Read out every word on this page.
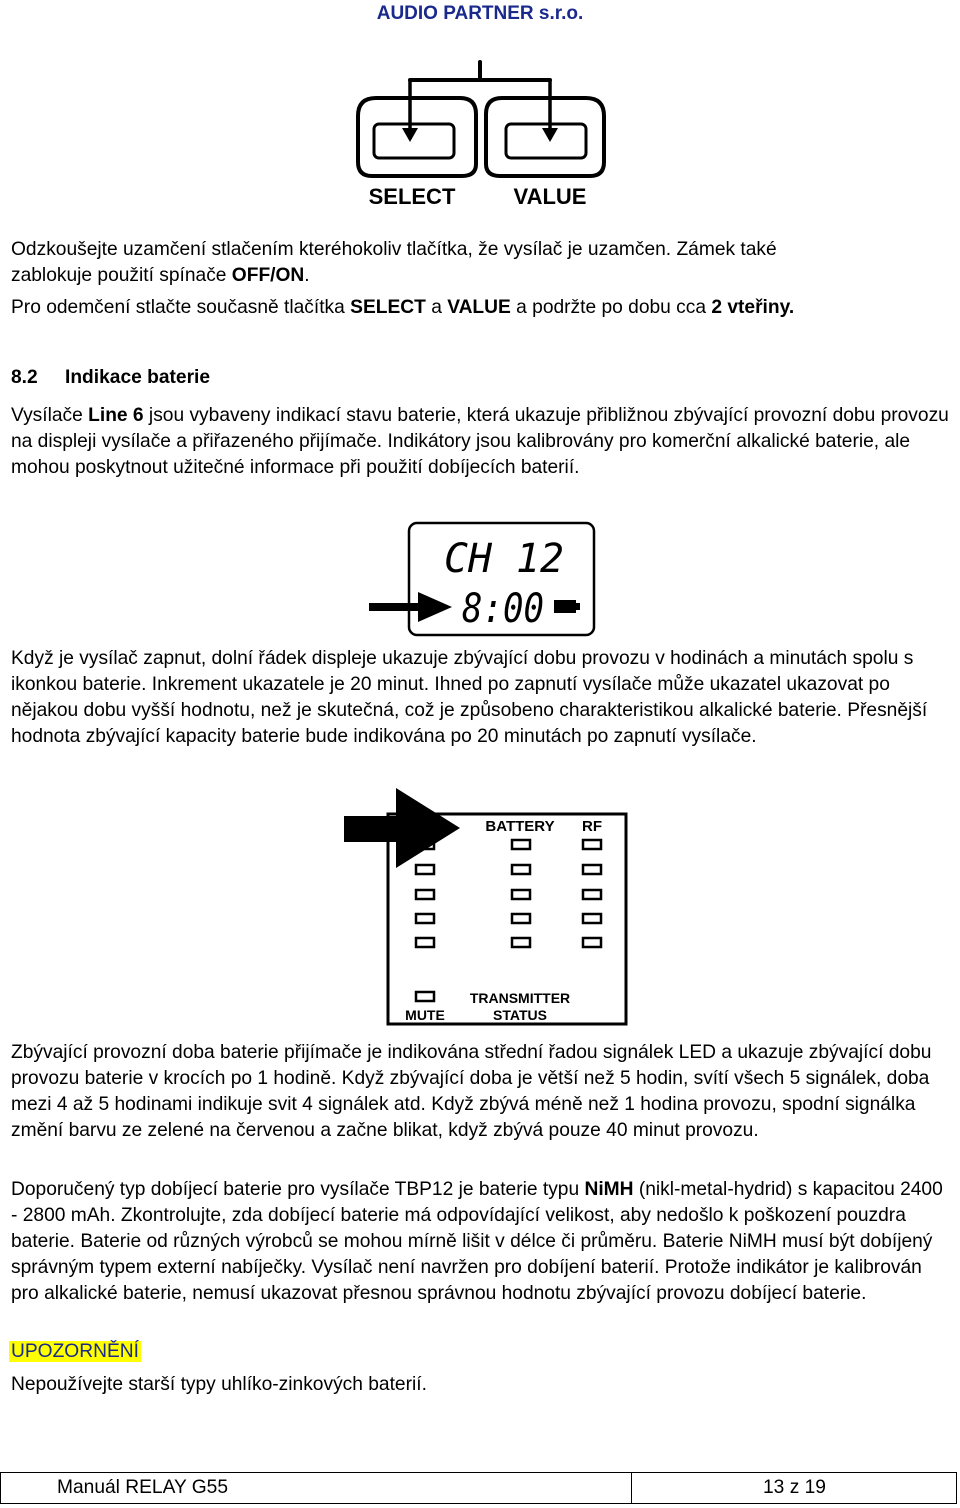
AUDIO PARTNER s.r.o.
SELECT	VALUE
Odzkoušejte uzamčení stlačením kteréhokoliv tlačítka, že vysílač je uzamčen. Zámek také
zablokuje použití spínače OFF/ON.
Pro odemčení stlačte současně tlačítka SELECT a VALUE a podržte po dobu cca 2 vteřiny.
8.2 Indikace baterie

Vysílače Line 6 jsou vybaveny indikací stavu baterie, která ukazuje přibližnou zbývající provozní dobu provozu na displeji vysílače a přiřazeného přijímače. Indikátory jsou kalibrovány pro komerční alkalické baterie, ale mohou poskytnout užitečné informace při použití dobíjecích baterií.

CH 12
8:00

Když je vysílač zapnut, dolní řádek displeje ukazuje zbývající dobu provozu v hodinách a minutách spolu s ikonkou baterie. Inkrement ukazatele je 20 minut. Ihned po zapnutí vysílače může ukazatel ukazovat po nějakou dobu vyšší hodnotu, než je skutečná, což je způsobeno charakteristikou alkalické baterie. Přesnější hodnota zbývající kapacity baterie bude indikována po 20 minutách po zapnutí vysílače.

BATTERY RF
MUTE
TRANSMITTER
STATUS

Zbývající provozní doba baterie přijímače je indikována střední řadou signálek LED a ukazuje zbývající dobu provozu baterie v krocích po 1 hodině. Když zbývající doba je větší než 5 hodin, svítí všech 5 signálek, doba mezi 4 až 5 hodinami indikuje svit 4 signálek atd. Když zbývá méně než 1 hodina provozu, spodní signálka změní barvu ze zelené na červenou a začne blikat, když zbývá pouze 40 minut provozu.

Doporučený typ dobíjecí baterie pro vysílače TBP12 je baterie typu NiMH (nikl-metal-hydrid) s kapacitou 2400 - 2800 mAh. Zkontrolujte, zda dobíjecí baterie má odpovídající velikost, aby nedošlo k poškození pouzdra baterie. Baterie od různých výrobců se mohou mírně lišit v délce či průměru. Baterie NiMH musí být dobíjený správným typem externí nabíječky. Vysílač není navržen pro dobíjení baterií. Protože indikátor je kalibrován pro alkalické baterie, nemusí ukazovat přesnou správnou hodnotu zbývající provozu dobíjecí baterie.

UPOZORNĚNÍ
Nepoužívejte starší typy uhlíko-zinkových baterií.
Manuál RELAY G55	13 z 19
